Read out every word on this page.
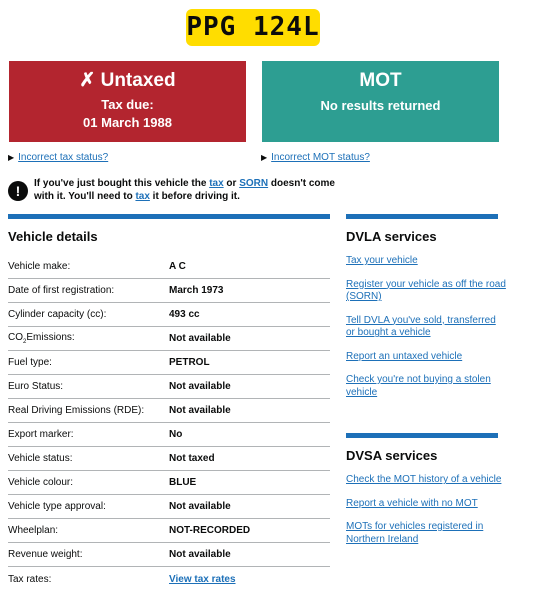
PPG 124L
✗ Untaxed
Tax due:
01 March 1988
MOT
No results returned
▶ Incorrect tax status?	▶ Incorrect MOT status?
!	If you've just bought this vehicle the tax or SORN doesn't come with it. You'll need to tax it before driving it.
Vehicle details
Vehicle make:	A C
Date of first registration:	March 1973
Cylinder capacity (cc):	493 cc
$CO_2Emissions$:	Not available
Fuel type:	PETROL
Euro Status:	Not available
Real Driving Emissions (RDE):	Not available
Export marker:	No
Vehicle status:	Not taxed
Vehicle colour:	BLUE
Vehicle type approval:	Not available
Wheelplan:	NOT-RECORDED
Revenue weight:	Not available
Tax rates:	View tax rates
DVLA services
Tax your vehicle
Register your vehicle as off the road (SORN)
Tell DVLA you've sold, transferred or bought a vehicle
Report an untaxed vehicle
Check you're not buying a stolen vehicle
DVSA services
Check the MOT history of a vehicle
Report a vehicle with no MOT
MOTs for vehicles registered in Northern Ireland
